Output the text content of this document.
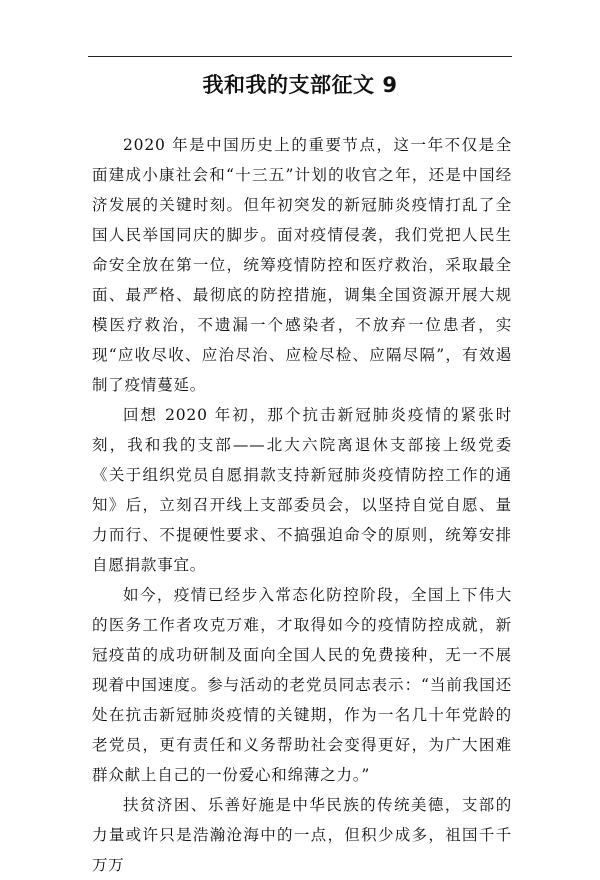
我和我的支部征文 9

2020 年是中国历史上的重要节点，这一年不仅是全面建成小康社会和“十三五”计划的收官之年，还是中国经济发展的关键时刻。但年初突发的新冠肺炎疫情打乱了全国人民举国同庆的脚步。面对疫情侵袭，我们党把人民生命安全放在第一位，统筹疫情防控和医疗救治，采取最全面、最严格、最彻底的防控措施，调集全国资源开展大规模医疗救治，不遗漏一个感染者，不放弃一位患者，实现“应收尽收、应治尽治、应检尽检、应隔尽隔”，有效遏制了疫情蔓延。

回想 2020 年初，那个抗击新冠肺炎疫情的紧张时刻，我和我的支部——北大六院离退休支部接上级党委《关于组织党员自愿捐款支持新冠肺炎疫情防控工作的通知》后，立刻召开线上支部委员会，以坚持自觉自愿、量力而行、不提硬性要求、不搞强迫命令的原则，统筹安排自愿捐款事宜。

如今，疫情已经步入常态化防控阶段，全国上下伟大的医务工作者攻克万难，才取得如今的疫情防控成就，新冠疫苗的成功研制及面向全国人民的免费接种，无一不展现着中国速度。参与活动的老党员同志表示：“当前我国还处在抗击新冠肺炎疫情的关键期，作为一名几十年党龄的老党员，更有责任和义务帮助社会变得更好，为广大困难群众献上自己的一份爱心和绵薄之力。”

扶贫济困、乐善好施是中华民族的传统美德，支部的力量或许只是浩瀚沧海中的一点，但积少成多，祖国千千万万
